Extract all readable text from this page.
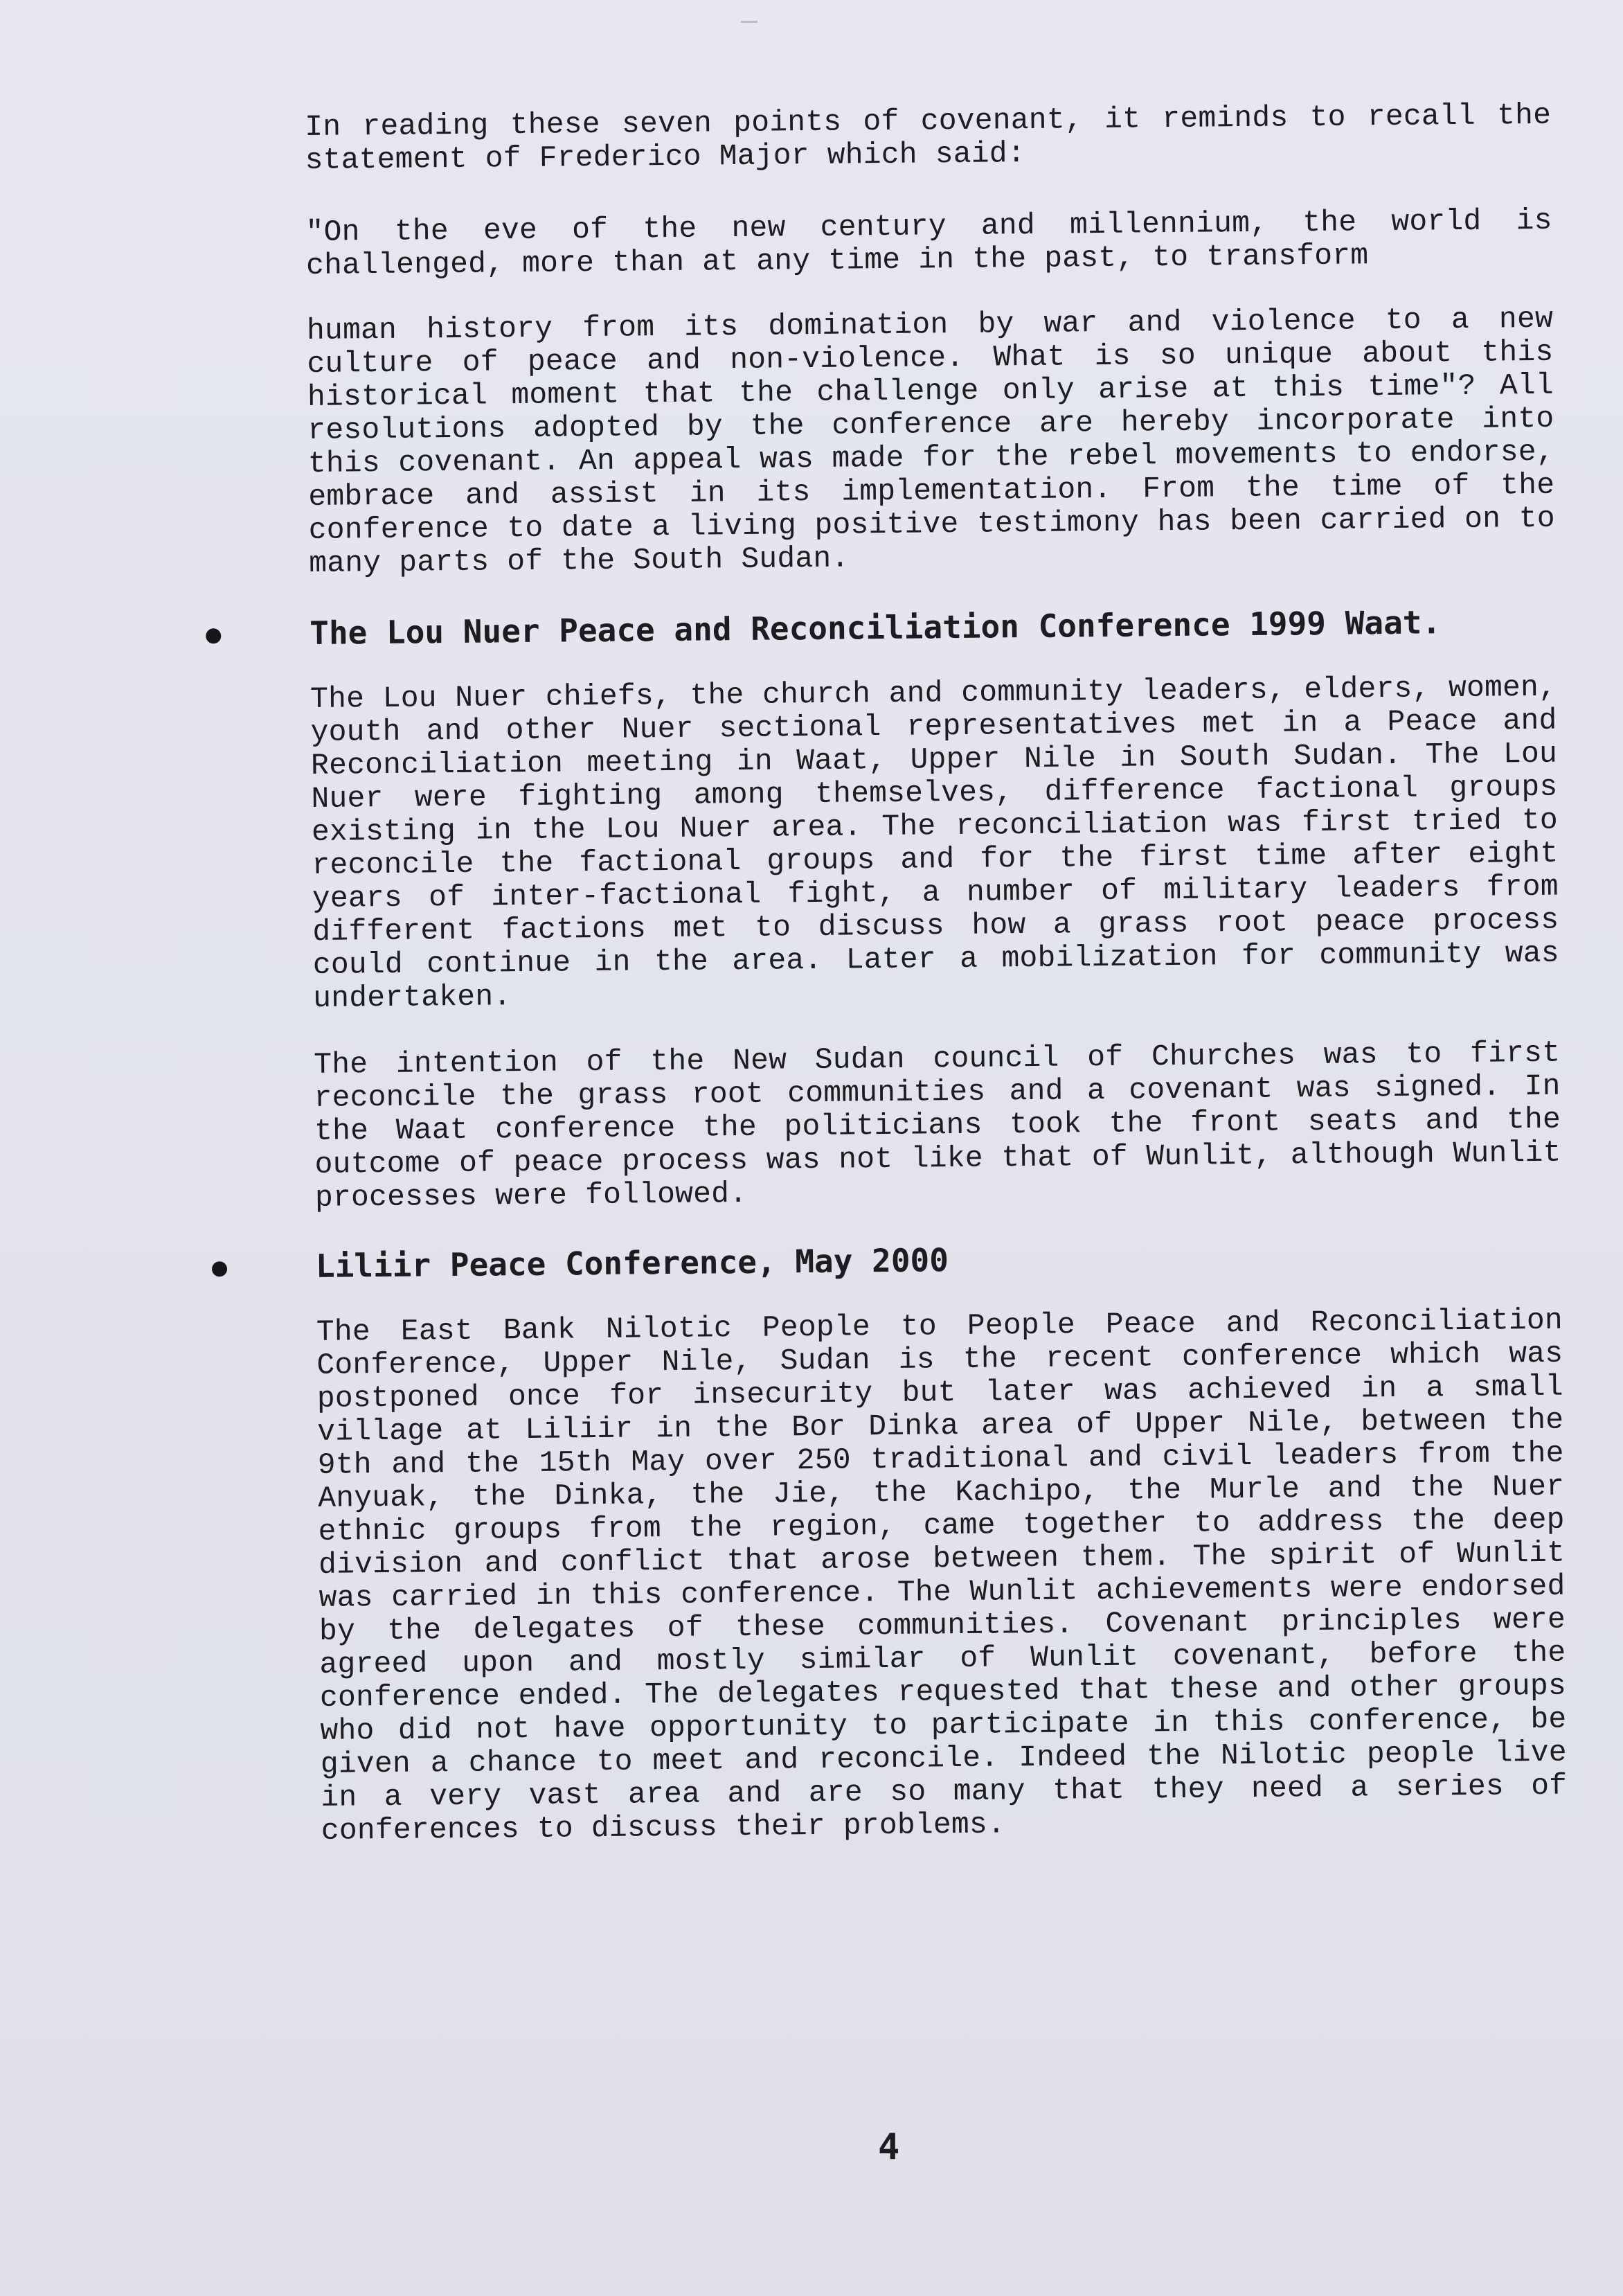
In reading these seven points of covenant, it reminds to recall the statement of Frederico Major which said:

"On the eve of the new century and millennium, the world is challenged, more than at any time in the past, to transform

human history from its domination by war and violence to a new culture of peace and non-violence. What is so unique about this historical moment that the challenge only arise at this time"? All resolutions adopted by the conference are hereby incorporate into this covenant. An appeal was made for the rebel movements to endorse, embrace and assist in its implementation. From the time of the conference to date a living positive testimony has been carried on to many parts of the South Sudan.

The Lou Nuer Peace and Reconciliation Conference 1999 Waat.

The Lou Nuer chiefs, the church and community leaders, elders, women, youth and other Nuer sectional representatives met in a Peace and Reconciliation meeting in Waat, Upper Nile in South Sudan. The Lou Nuer were fighting among themselves, difference factional groups existing in the Lou Nuer area. The reconciliation was first tried to reconcile the factional groups and for the first time after eight years of inter-factional fight, a number of military leaders from different factions met to discuss how a grass root peace process could continue in the area. Later a mobilization for community was undertaken.

The intention of the New Sudan council of Churches was to first reconcile the grass root communities and a covenant was signed. In the Waat conference the politicians took the front seats and the outcome of peace process was not like that of Wunlit, although Wunlit processes were followed.

Liliir Peace Conference, May 2000

The East Bank Nilotic People to People Peace and Reconciliation Conference, Upper Nile, Sudan is the recent conference which was postponed once for insecurity but later was achieved in a small village at Liliir in the Bor Dinka area of Upper Nile, between the 9th and the 15th May over 250 traditional and civil leaders from the Anyuak, the Dinka, the Jie, the Kachipo, the Murle and the Nuer ethnic groups from the region, came together to address the deep division and conflict that arose between them. The spirit of Wunlit was carried in this conference. The Wunlit achievements were endorsed by the delegates of these communities. Covenant principles were agreed upon and mostly similar of Wunlit covenant, before the conference ended. The delegates requested that these and other groups who did not have opportunity to participate in this conference, be given a chance to meet and reconcile. Indeed the Nilotic people live in a very vast area and are so many that they need a series of conferences to discuss their problems.

4
